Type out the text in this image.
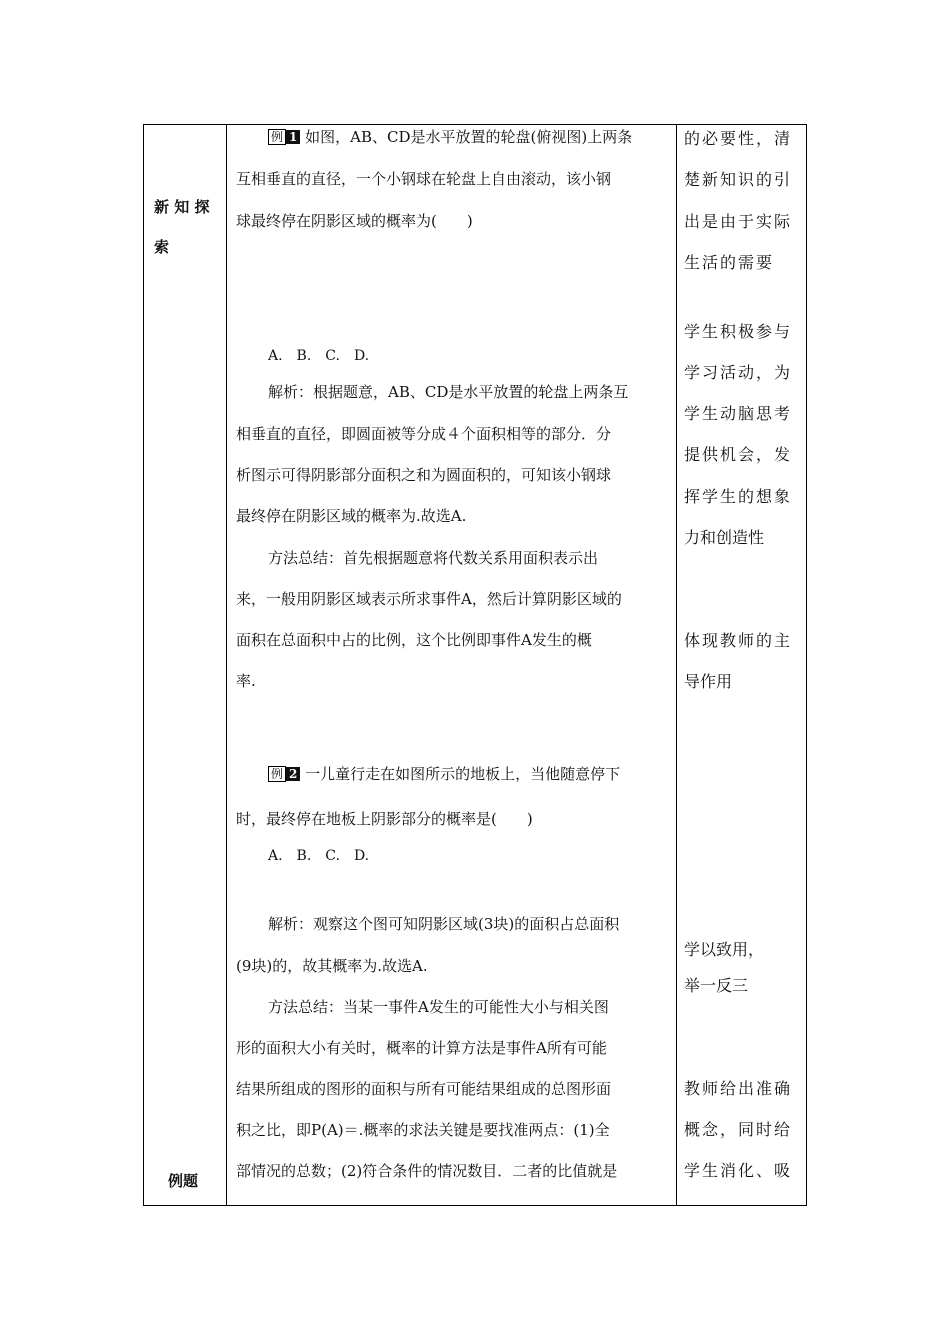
新 知 探
索
例题
例 1 如图，AB、CD是水平放置的轮盘(俯视图)上两条
互相垂直的直径，一个小钢球在轮盘上自由滚动，该小钢
球最终停在阴影区域的概率为(　　)
A.　B.　C.　D.
解析：根据题意，AB、CD是水平放置的轮盘上两条互
相垂直的直径，即圆面被等分成４个面积相等的部分．分
析图示可得阴影部分面积之和为圆面积的，可知该小钢球
最终停在阴影区域的概率为.故选A.
方法总结：首先根据题意将代数关系用面积表示出
来，一般用阴影区域表示所求事件A，然后计算阴影区域的
面积在总面积中占的比例，这个比例即事件A发生的概
率.
例 2 一儿童行走在如图所示的地板上，当他随意停下
时，最终停在地板上阴影部分的概率是(　　)
A.　B.　C.　D.
解析：观察这个图可知阴影区域(3块)的面积占总面积
(9块)的，故其概率为.故选A.
方法总结：当某一事件A发生的可能性大小与相关图
形的面积大小有关时，概率的计算方法是事件A所有可能
结果所组成的图形的面积与所有可能结果组成的总图形面
积之比，即P(A)＝.概率的求法关键是要找准两点：(1)全
部情况的总数；(2)符合条件的情况数目．二者的比值就是
的必要性，清
楚新知识的引
出是由于实际
生活的需要
学生积极参与
学习活动，为
学生动脑思考
提供机会，发
挥学生的想象
力和创造性
体现教师的主
导作用
学以致用，
举一反三
教师给出准确
概念，同时给
学生消化、吸
